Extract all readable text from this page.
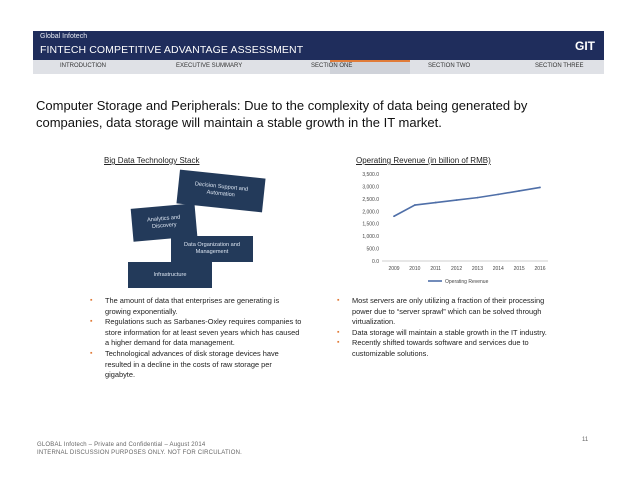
Global Infotech
FINTECH COMPETITIVE ADVANTAGE ASSESSMENT	GIT
INTRODUCTION	EXECUTIVE SUMMARY	SECTION ONE	SECTION TWO	SECTION THREE
Computer Storage and Peripherals: Due to the complexity of data being generated by companies, data storage will maintain a stable growth in the IT market.
Big Data Technology Stack
Decision Support and Automation
Analytics and Discovery
Data Organization and Management
Infrastructure
Operating Revenue (in billion of RMB)
0.0
500.0
1,000.0
1,500.0
2,000.0
2,500.0
3,000.0
3,500.0
2009 2010 2011 2012 2013 2014 2015 2016
Operating Revenue
▪ The amount of data that enterprises are generating is growing exponentially.
▪ Regulations such as Sarbanes-Oxley requires companies to store information for at least seven years which has caused a higher demand for data management.
▪ Technological advances of disk storage devices have resulted in a decline in the costs of raw storage per gigabyte.
▪ Most servers are only utilizing a fraction of their processing power due to “server sprawl” which can be solved through virtualization.
▪ Data storage will maintain a stable growth in the IT industry.
▪ Recently shifted towards software and services due to customizable solutions.
GLOBAL Infotech – Private and Confidential – August 2014
INTERNAL DISCUSSION PURPOSES ONLY. NOT FOR CIRCULATION.
11
